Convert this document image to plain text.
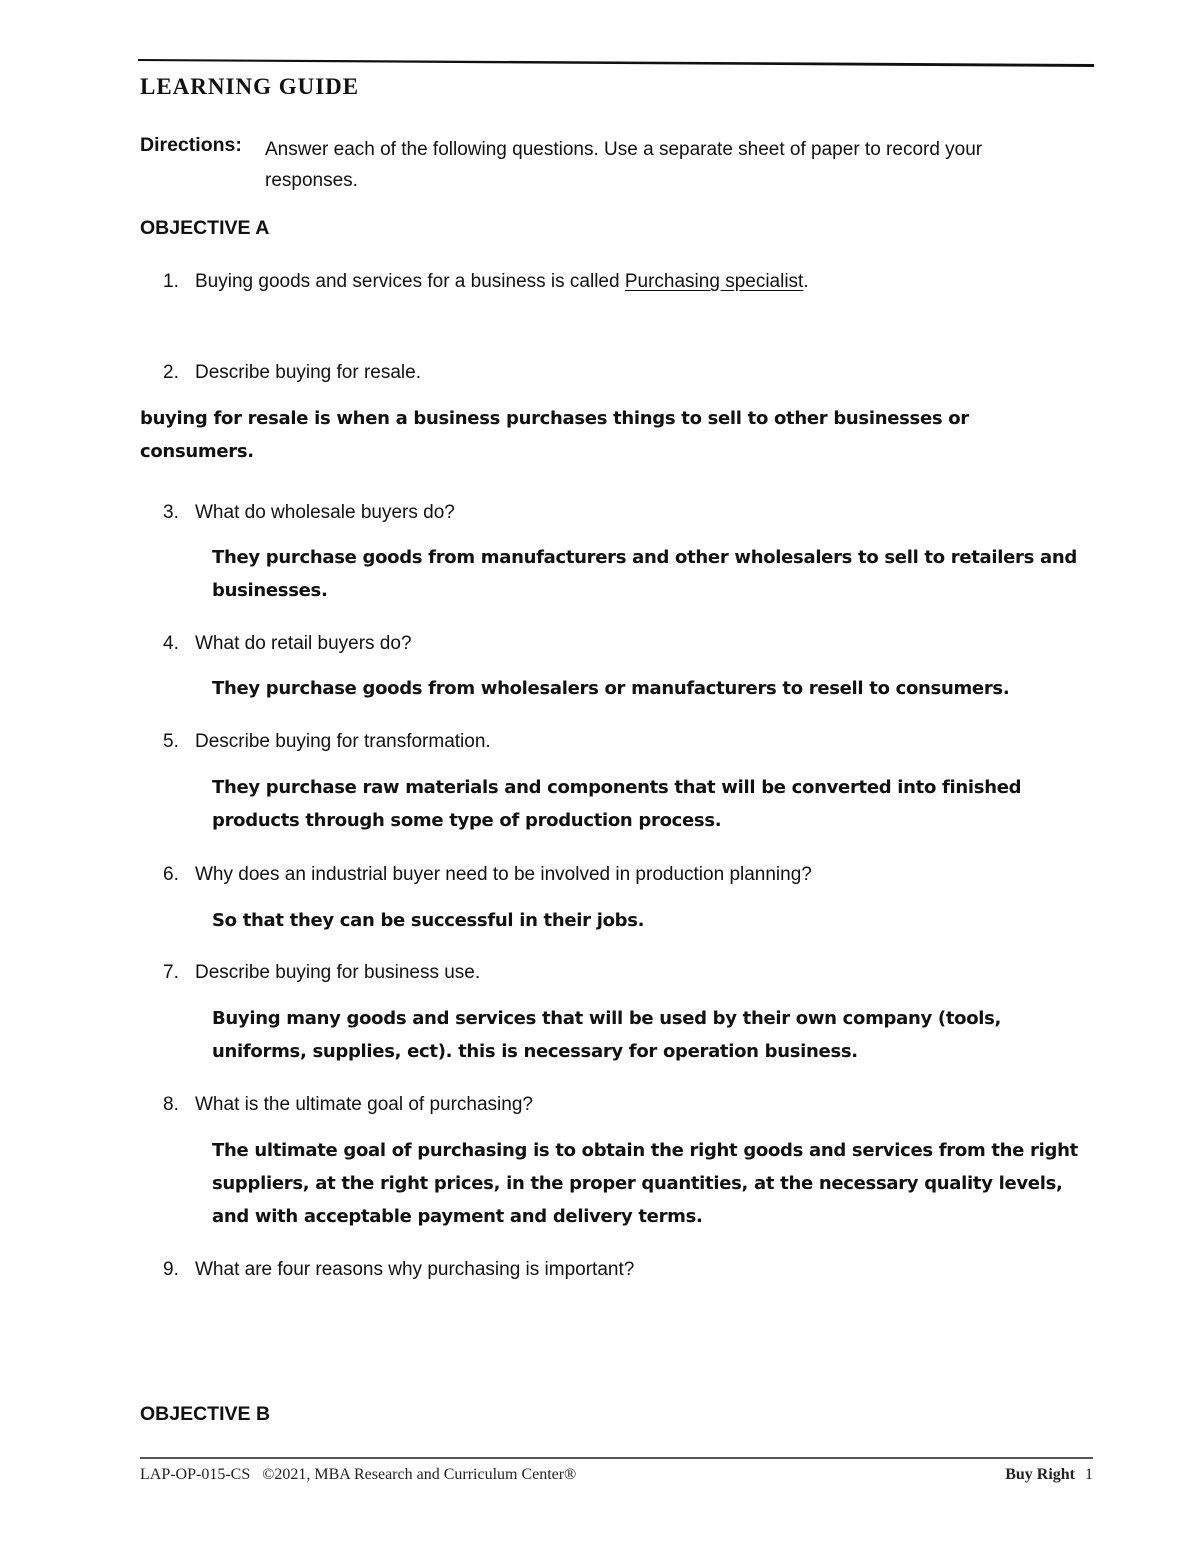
LEARNING GUIDE
Directions: Answer each of the following questions. Use a separate sheet of paper to record your responses.
OBJECTIVE A
1. Buying goods and services for a business is called Purchasing specialist.
2. Describe buying for resale.
buying for resale is when a business purchases things to sell to other businesses or consumers.
3. What do wholesale buyers do?
They purchase goods from manufacturers and other wholesalers to sell to retailers and businesses.
4. What do retail buyers do?
They purchase goods from wholesalers or manufacturers to resell to consumers.
5. Describe buying for transformation.
They purchase raw materials and components that will be converted into finished products through some type of production process.
6. Why does an industrial buyer need to be involved in production planning?
So that they can be successful in their jobs.
7. Describe buying for business use.
Buying many goods and services that will be used by their own company (tools, uniforms, supplies, ect). this is necessary for operation business.
8. What is the ultimate goal of purchasing?
The ultimate goal of purchasing is to obtain the right goods and services from the right suppliers, at the right prices, in the proper quantities, at the necessary quality levels, and with acceptable payment and delivery terms.
9. What are four reasons why purchasing is important?
OBJECTIVE B
LAP-OP-015-CS   ©2021, MBA Research and Curriculum Center®	Buy Right 1
